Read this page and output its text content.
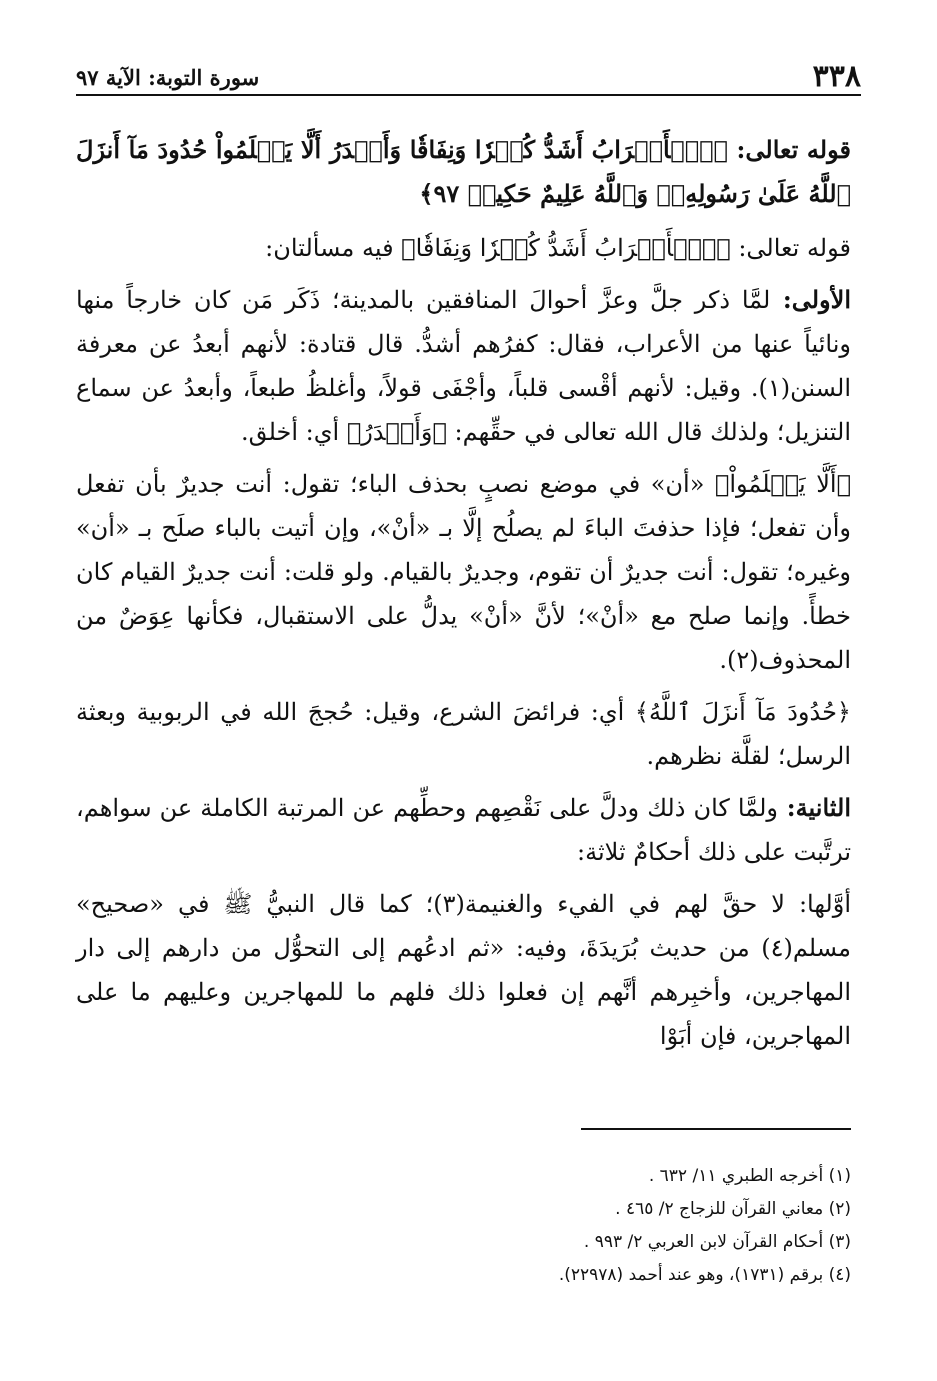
٣٣٨
سورة التوبة: الآية ٩٧

قوله تعالى: ﴿ٱلۡأَعۡرَابُ أَشَدُّ كُفۡرٗا وَنِفَاقٗا وَأَجۡدَرُ أَلَّا يَعۡلَمُواْ حُدُودَ مَآ أَنزَلَ ٱللَّهُ عَلَىٰ رَسُولِهِۦۗ وَٱللَّهُ عَلِيمٌ حَكِيمٞ ٩٧﴾

قوله تعالى: ﴿ٱلۡأَعۡرَابُ أَشَدُّ كُفۡرٗا وَنِفَاقٗا﴾ فيه مسألتان:

الأولى: لمَّا ذكر جلَّ وعزَّ أحوالَ المنافقين بالمدينة؛ ذَكَر مَن كان خارجاً منها ونائياً عنها من الأعراب، فقال: كفرُهم أشدُّ. قال قتادة: لأنهم أبعدُ عن معرفة السنن(١). وقيل: لأنهم أقْسى قلباً، وأجْفَى قولاً، وأغلظُ طبعاً، وأبعدُ عن سماع التنزيل؛ ولذلك قال الله تعالى في حقِّهم: ﴿وَأَجۡدَرُ﴾ أي: أخلق.

﴿أَلَّا يَعۡلَمُواْ﴾ «أن» في موضع نصبٍ بحذف الباء؛ تقول: أنت جديرٌ بأن تفعل وأن تفعل؛ فإذا حذفتَ الباءَ لم يصلُح إلَّا بـ «أنْ»، وإن أتيت بالباء صلَح بـ «أن» وغيره؛ تقول: أنت جديرٌ أن تقوم، وجديرٌ بالقيام. ولو قلت: أنت جديرٌ القيام كان خطأً. وإنما صلح مع «أنْ»؛ لأنَّ «أنْ» يدلُّ على الاستقبال، فكأنها عِوَضٌ من المحذوف(٢).

﴿حُدُودَ مَآ أَنزَلَ ٱللَّهُ﴾ أي: فرائضَ الشرع، وقيل: حُججَ الله في الربوبية وبعثة الرسل؛ لقلَّة نظرهم.

الثانية: ولمَّا كان ذلك ودلَّ على نَقْصِهم وحطِّهم عن المرتبة الكاملة عن سواهم، ترتَّبت على ذلك أحكامٌ ثلاثة:

أوَّلها: لا حقَّ لهم في الفيء والغنيمة(٣)؛ كما قال النبيُّ ﷺ في «صحيح» مسلم(٤) من حديث بُرَيدَةَ، وفيه: «ثم ادعُهم إلى التحوُّل من دارهم إلى دار المهاجرين، وأخبِرهم أنَّهم إن فعلوا ذلك فلهم ما للمهاجرين وعليهم ما على المهاجرين، فإن أبَوْا

(١) أخرجه الطبري ١١/ ٦٣٢ .
(٢) معاني القرآن للزجاج ٢/ ٤٦٥ .
(٣) أحكام القرآن لابن العربي ٢/ ٩٩٣ .
(٤) برقم (١٧٣١)، وهو عند أحمد (٢٢٩٧٨).
